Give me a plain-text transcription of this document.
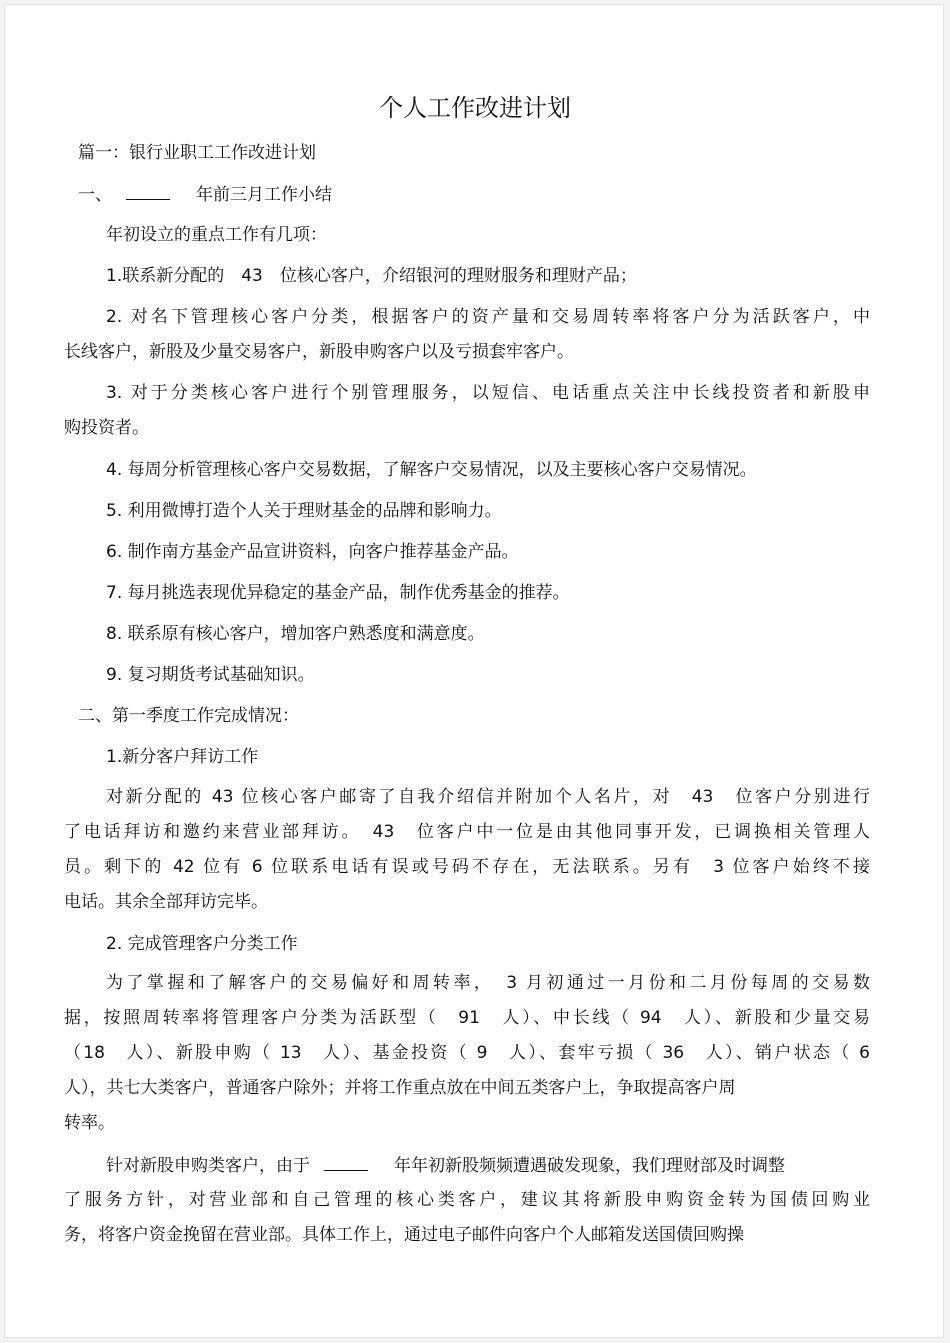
个人工作改进计划
篇一：银行业职工工作改进计划
一、	年前三月工作小结
年初设立的重点工作有几项：
1.联系新分配的　43　位核心客户，介绍银河的理财服务和理财产品；
2. 对名下管理核心客户分类，根据客户的资产量和交易周转率将客户分为活跃客户，中
长线客户，新股及少量交易客户，新股申购客户以及亏损套牢客户。
3. 对于分类核心客户进行个别管理服务，以短信、电话重点关注中长线投资者和新股申
购投资者。
4. 每周分析管理核心客户交易数据，了解客户交易情况，以及主要核心客户交易情况。
5. 利用微博打造个人关于理财基金的品牌和影响力。
6. 制作南方基金产品宣讲资料，向客户推荐基金产品。
7. 每月挑选表现优异稳定的基金产品，制作优秀基金的推荐。
8. 联系原有核心客户，增加客户熟悉度和满意度。
9. 复习期货考试基础知识。
二、第一季度工作完成情况：
1.新分客户拜访工作
对新分配的 43 位核心客户邮寄了自我介绍信并附加个人名片，对　43　位客户分别进行
了电话拜访和邀约来营业部拜访。　43　位客户中一位是由其他同事开发，已调换相关管理人
员。剩下的 42 位有 6 位联系电话有误或号码不存在，无法联系。另有　3 位客户始终不接
电话。其余全部拜访完毕。
2. 完成管理客户分类工作
为了掌握和了解客户的交易偏好和周转率，　3 月初通过一月份和二月份每周的交易数
据，按照周转率将管理客户分类为活跃型（　91　人）、中长线（ 94　人）、新股和少量交易
（18　人）、新股申购（ 13　人）、基金投资（ 9　人）、套牢亏损（ 36　人）、销户状态（ 6
人），共七大类客户，普通客户除外；并将工作重点放在中间五类客户上，争取提高客户周
转率。
针对新股申购类客户，由于	年年初新股频频遭遇破发现象，我们理财部及时调整
了服务方针，对营业部和自己管理的核心类客户，建议其将新股申购资金转为国债回购业
务，将客户资金挽留在营业部。具体工作上，通过电子邮件向客户个人邮箱发送国债回购操
